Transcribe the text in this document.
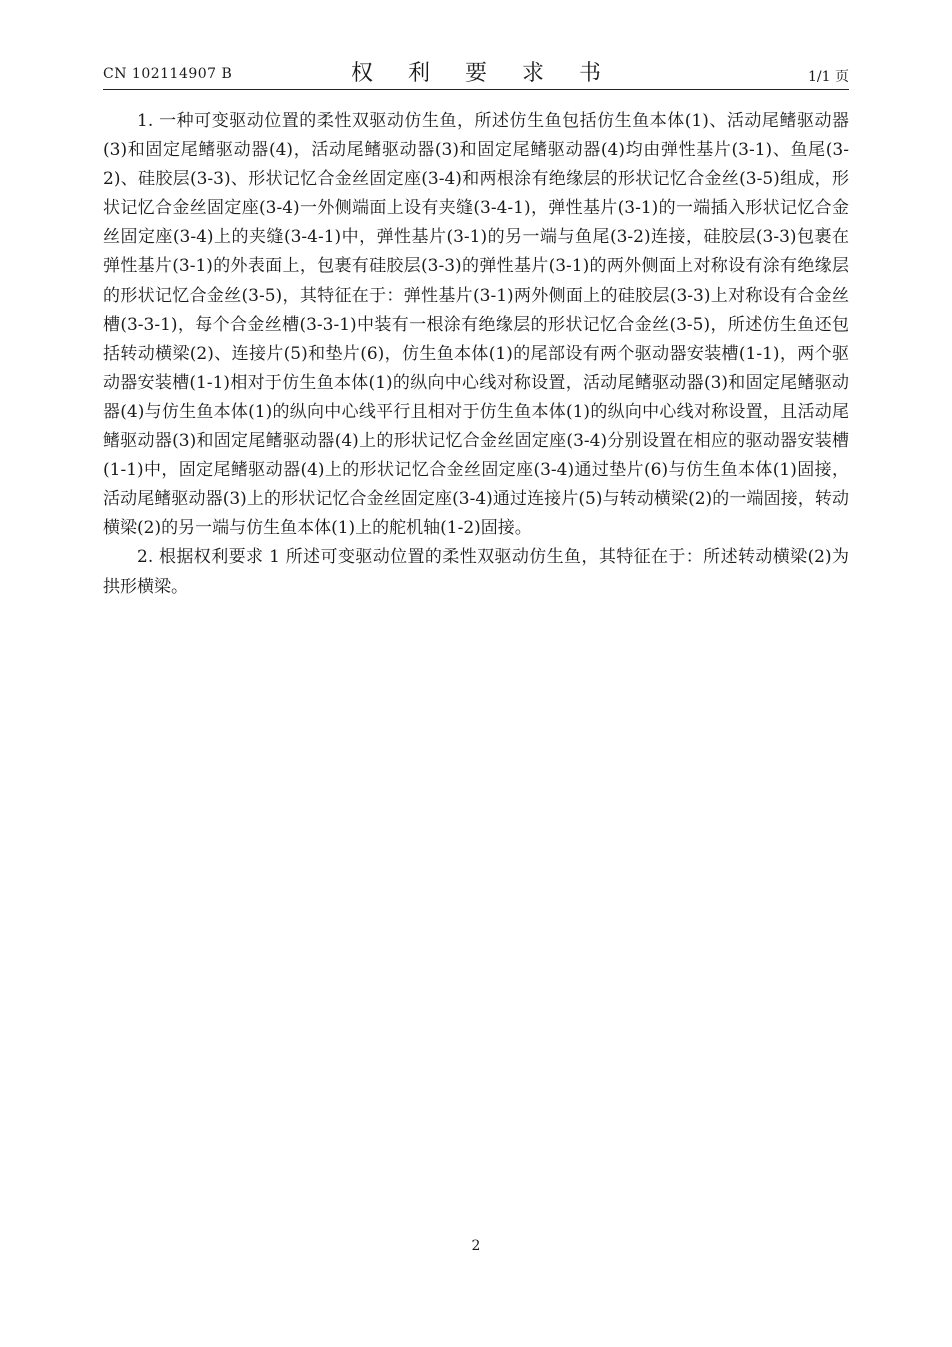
CN 102114907 B	权 利 要 求 书	1/1 页

1. 一种可变驱动位置的柔性双驱动仿生鱼，所述仿生鱼包括仿生鱼本体(1)、活动尾鳍驱动器(3)和固定尾鳍驱动器(4)，活动尾鳍驱动器(3)和固定尾鳍驱动器(4)均由弹性基片(3-1)、鱼尾(3-2)、硅胶层(3-3)、形状记忆合金丝固定座(3-4)和两根涂有绝缘层的形状记忆合金丝(3-5)组成，形状记忆合金丝固定座(3-4)一外侧端面上设有夹缝(3-4-1)，弹性基片(3-1)的一端插入形状记忆合金丝固定座(3-4)上的夹缝(3-4-1)中，弹性基片(3-1)的另一端与鱼尾(3-2)连接，硅胶层(3-3)包裹在弹性基片(3-1)的外表面上，包裹有硅胶层(3-3)的弹性基片(3-1)的两外侧面上对称设有涂有绝缘层的形状记忆合金丝(3-5)，其特征在于：弹性基片(3-1)两外侧面上的硅胶层(3-3)上对称设有合金丝槽(3-3-1)，每个合金丝槽(3-3-1)中装有一根涂有绝缘层的形状记忆合金丝(3-5)，所述仿生鱼还包括转动横梁(2)、连接片(5)和垫片(6)，仿生鱼本体(1)的尾部设有两个驱动器安装槽(1-1)，两个驱动器安装槽(1-1)相对于仿生鱼本体(1)的纵向中心线对称设置，活动尾鳍驱动器(3)和固定尾鳍驱动器(4)与仿生鱼本体(1)的纵向中心线平行且相对于仿生鱼本体(1)的纵向中心线对称设置，且活动尾鳍驱动器(3)和固定尾鳍驱动器(4)上的形状记忆合金丝固定座(3-4)分别设置在相应的驱动器安装槽(1-1)中，固定尾鳍驱动器(4)上的形状记忆合金丝固定座(3-4)通过垫片(6)与仿生鱼本体(1)固接，活动尾鳍驱动器(3)上的形状记忆合金丝固定座(3-4)通过连接片(5)与转动横梁(2)的一端固接，转动横梁(2)的另一端与仿生鱼本体(1)上的舵机轴(1-2)固接。

2. 根据权利要求 1 所述可变驱动位置的柔性双驱动仿生鱼，其特征在于：所述转动横梁(2)为拱形横梁。

2
